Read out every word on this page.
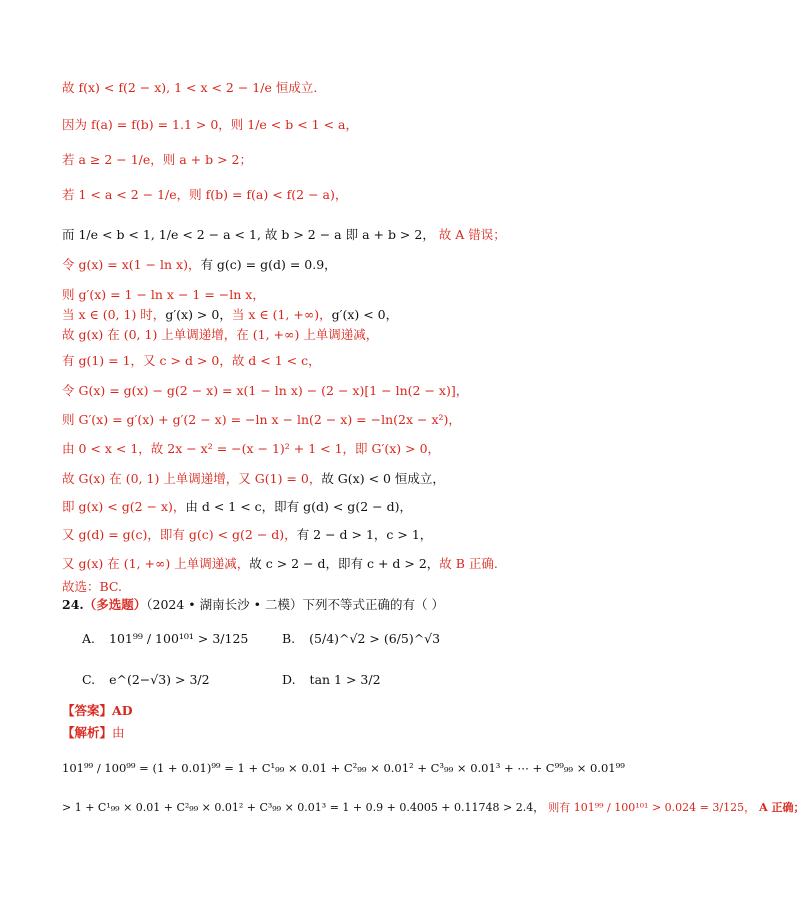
故 f(x) < f(2 − x), 1 < x < 2 − 1/e 恒成立.
因为 f(a) = f(b) = 1.1 > 0，则 1/e < b < 1 < a，
若 a ≥ 2 − 1/e，则 a + b > 2；
若 1 < a < 2 − 1/e，则 f(b) = f(a) < f(2 − a)，
而 1/e < b < 1, 1/e < 2 − a < 1, 故 b > 2 − a 即 a + b > 2， 故 A 错误；
令 g(x) = x(1 − ln x)，有 g(c) = g(d) = 0.9，
则 g′(x) = 1 − ln x − 1 = −ln x，
当 x ∈ (0, 1) 时，g′(x) > 0，当 x ∈ (1, +∞)，g′(x) < 0，
故 g(x) 在 (0, 1) 上单调递增，在 (1, +∞) 上单调递减，
有 g(1) = 1，又 c > d > 0，故 d < 1 < c，
令 G(x) = g(x) − g(2 − x) = x(1 − ln x) − (2 − x)[1 − ln(2 − x)]，
则 G′(x) = g′(x) + g′(2 − x) = −ln x − ln(2 − x) = −ln(2x − x²)，
由 0 < x < 1，故 2x − x² = −(x − 1)² + 1 < 1，即 G′(x) > 0，
故 G(x) 在 (0, 1) 上单调递增，又 G(1) = 0，故 G(x) < 0 恒成立，
即 g(x) < g(2 − x)，由 d < 1 < c，即有 g(d) < g(2 − d)，
又 g(d) = g(c)，即有 g(c) < g(2 − d)，有 2 − d > 1，c > 1，
又 g(x) 在 (1, +∞) 上单调递减，故 c > 2 − d，即有 c + d > 2，故 B 正确.
故选：BC.
24.（多选题）（2024 • 湖南长沙 • 二模）下列不等式正确的有（ ）
A. 101⁹⁹ / 100¹⁰¹ > 3/125	B. (5/4)^√2 > (6/5)^√3
C. e^(2−√3) > 3/2	D. tan 1 > 3/2
【答案】AD
【解析】由
101⁹⁹ / 100⁹⁹ = (1 + 0.01)⁹⁹ = 1 + C¹₉₉ × 0.01 + C²₉₉ × 0.01² + C³₉₉ × 0.01³ + ⋯ + C⁹⁹₉₉ × 0.01⁹⁹
> 1 + C¹₉₉ × 0.01 + C²₉₉ × 0.01² + C³₉₉ × 0.01³ = 1 + 0.9 + 0.4005 + 0.11748 > 2.4， 则有 101⁹⁹ / 100¹⁰¹ > 0.024 = 3/125， A 正确；
